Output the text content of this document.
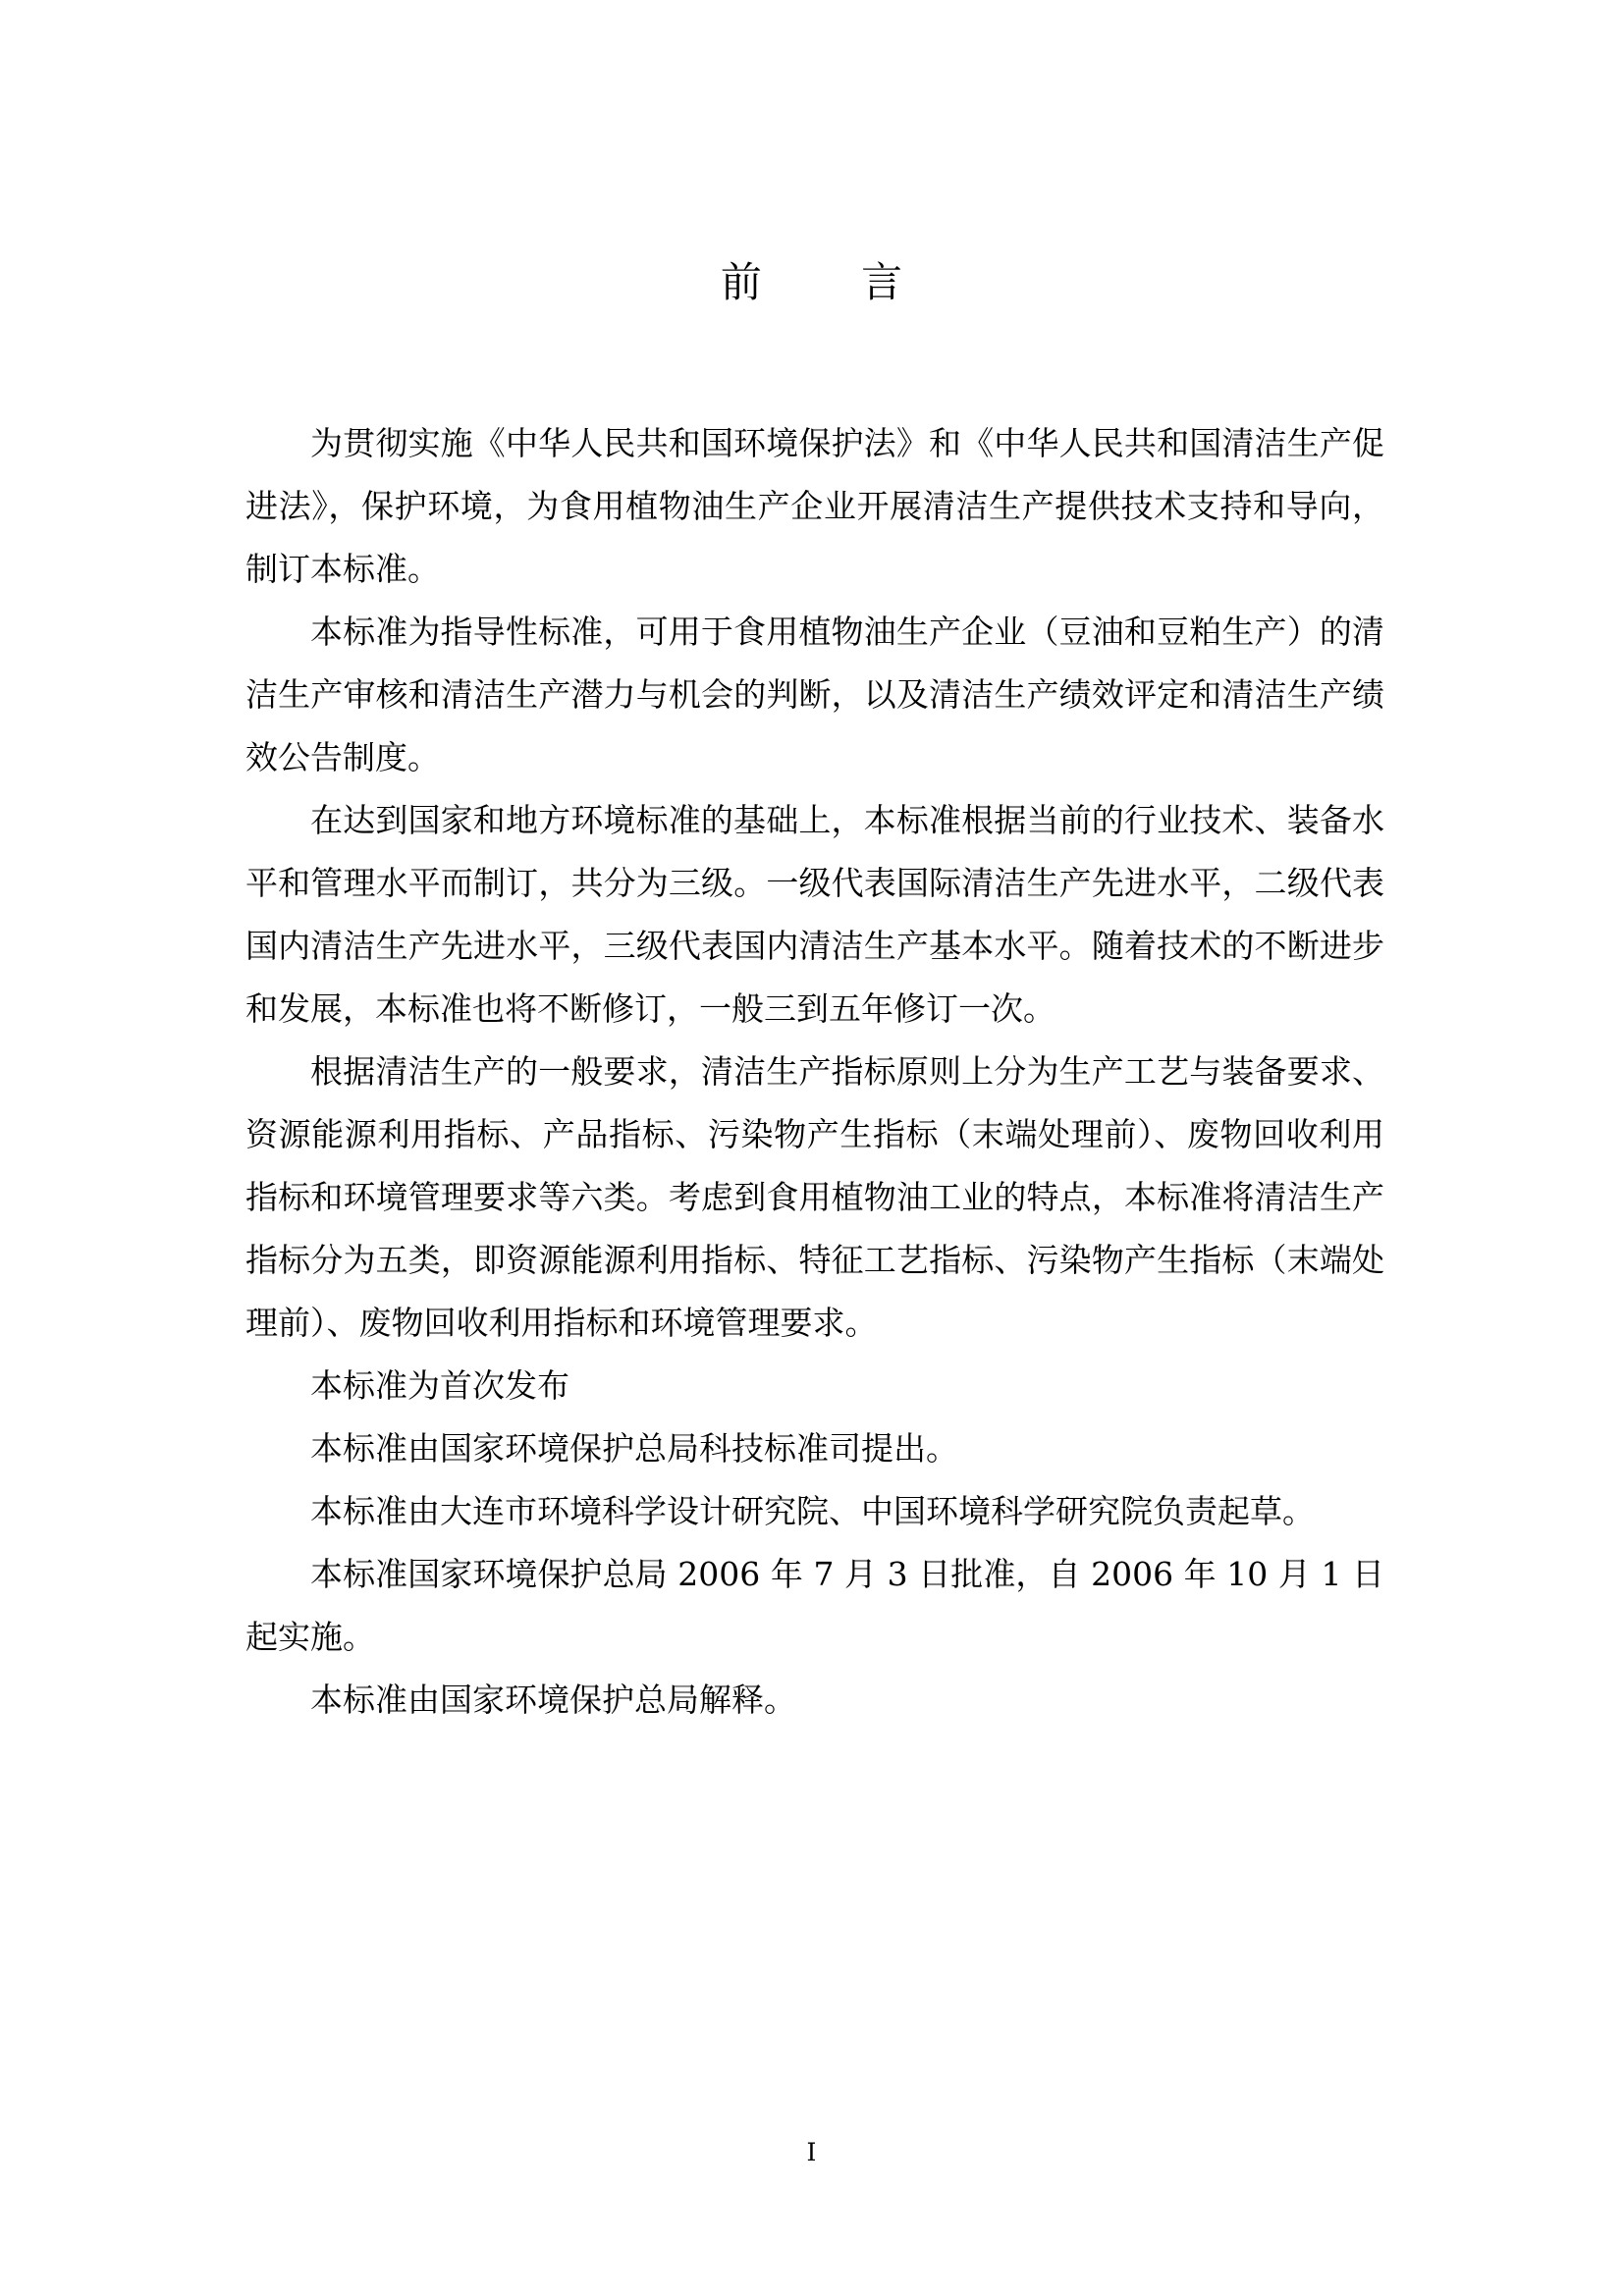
前 言

为贯彻实施《中华人民共和国环境保护法》和《中华人民共和国清洁生产促进法》，保护环境，为食用植物油生产企业开展清洁生产提供技术支持和导向，制订本标准。

本标准为指导性标准，可用于食用植物油生产企业（豆油和豆粕生产）的清洁生产审核和清洁生产潜力与机会的判断，以及清洁生产绩效评定和清洁生产绩效公告制度。

在达到国家和地方环境标准的基础上，本标准根据当前的行业技术、装备水平和管理水平而制订，共分为三级。一级代表国际清洁生产先进水平，二级代表国内清洁生产先进水平，三级代表国内清洁生产基本水平。随着技术的不断进步和发展，本标准也将不断修订，一般三到五年修订一次。

根据清洁生产的一般要求，清洁生产指标原则上分为生产工艺与装备要求、资源能源利用指标、产品指标、污染物产生指标（末端处理前）、废物回收利用指标和环境管理要求等六类。考虑到食用植物油工业的特点，本标准将清洁生产指标分为五类，即资源能源利用指标、特征工艺指标、污染物产生指标（末端处理前）、废物回收利用指标和环境管理要求。

本标准为首次发布

本标准由国家环境保护总局科技标准司提出。

本标准由大连市环境科学设计研究院、中国环境科学研究院负责起草。

本标准国家环境保护总局 2006 年 7 月 3 日批准，自 2006 年 10 月 1 日起实施。

本标准由国家环境保护总局解释。

I
